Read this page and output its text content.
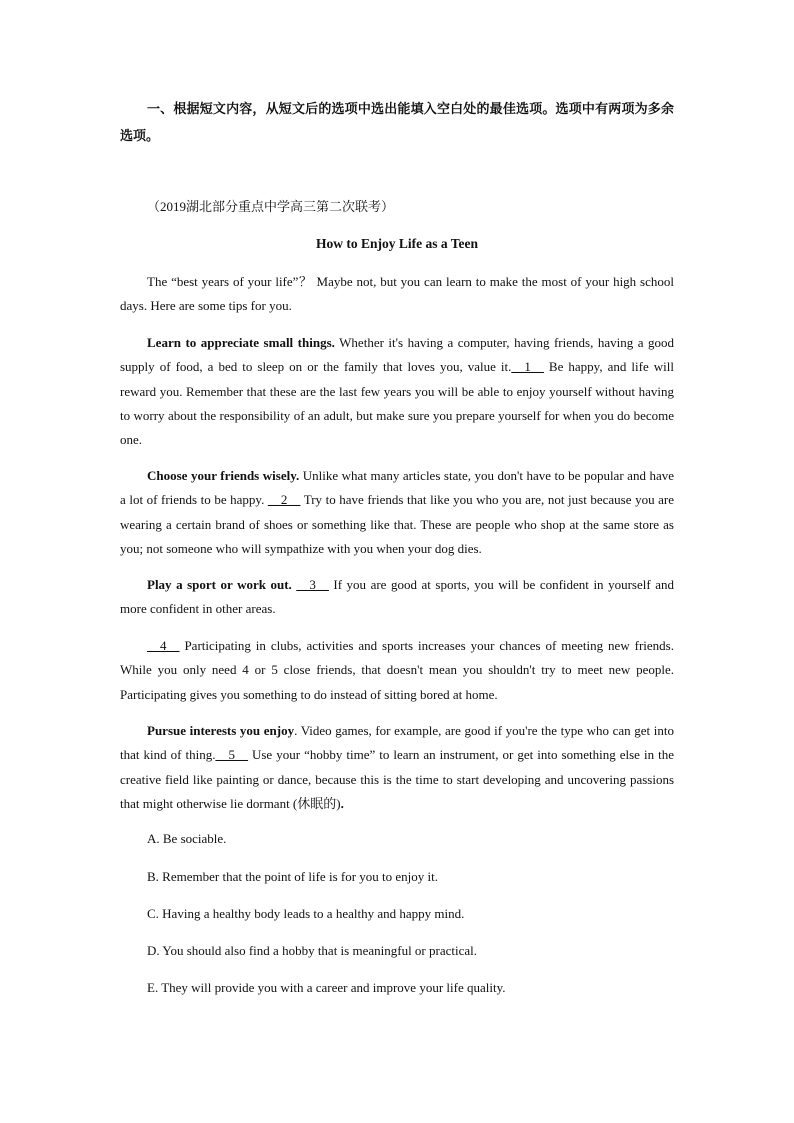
一、根据短文内容，从短文后的选项中选出能填入空白处的最佳选项。选项中有两项为多余选项。
（2019湖北部分重点中学高三第二次联考）
How to Enjoy Life as a Teen

The “best years of your life”？ Maybe not, but you can learn to make the most of your high school days. Here are some tips for you.

Learn to appreciate small things. Whether it's having a computer, having friends, having a good supply of food, a bed to sleep on or the family that loves you, value it.__1__ Be happy, and life will reward you. Remember that these are the last few years you will be able to enjoy yourself without having to worry about the responsibility of an adult, but make sure you prepare yourself for when you do become one.

Choose your friends wisely. Unlike what many articles state, you don't have to be popular and have a lot of friends to be happy. __2__ Try to have friends that like you who you are, not just because you are wearing a certain brand of shoes or something like that. These are people who shop at the same store as you; not someone who will sympathize with you when your dog dies.

Play a sport or work out. __3__ If you are good at sports, you will be confident in yourself and more confident in other areas.

__4__ Participating in clubs, activities and sports increases your chances of meeting new friends. While you only need 4 or 5 close friends, that doesn't mean you shouldn't try to meet new people. Participating gives you something to do instead of sitting bored at home.

Pursue interests you enjoy. Video games, for example, are good if you're the type who can get into that kind of thing.__5__ Use your “hobby time” to learn an instrument, or get into something else in the creative field like painting or dance, because this is the time to start developing and uncovering passions that might otherwise lie dormant (休眠的).

A. Be sociable.
B. Remember that the point of life is for you to enjoy it.
C. Having a healthy body leads to a healthy and happy mind.
D. You should also find a hobby that is meaningful or practical.
E. They will provide you with a career and improve your life quality.
